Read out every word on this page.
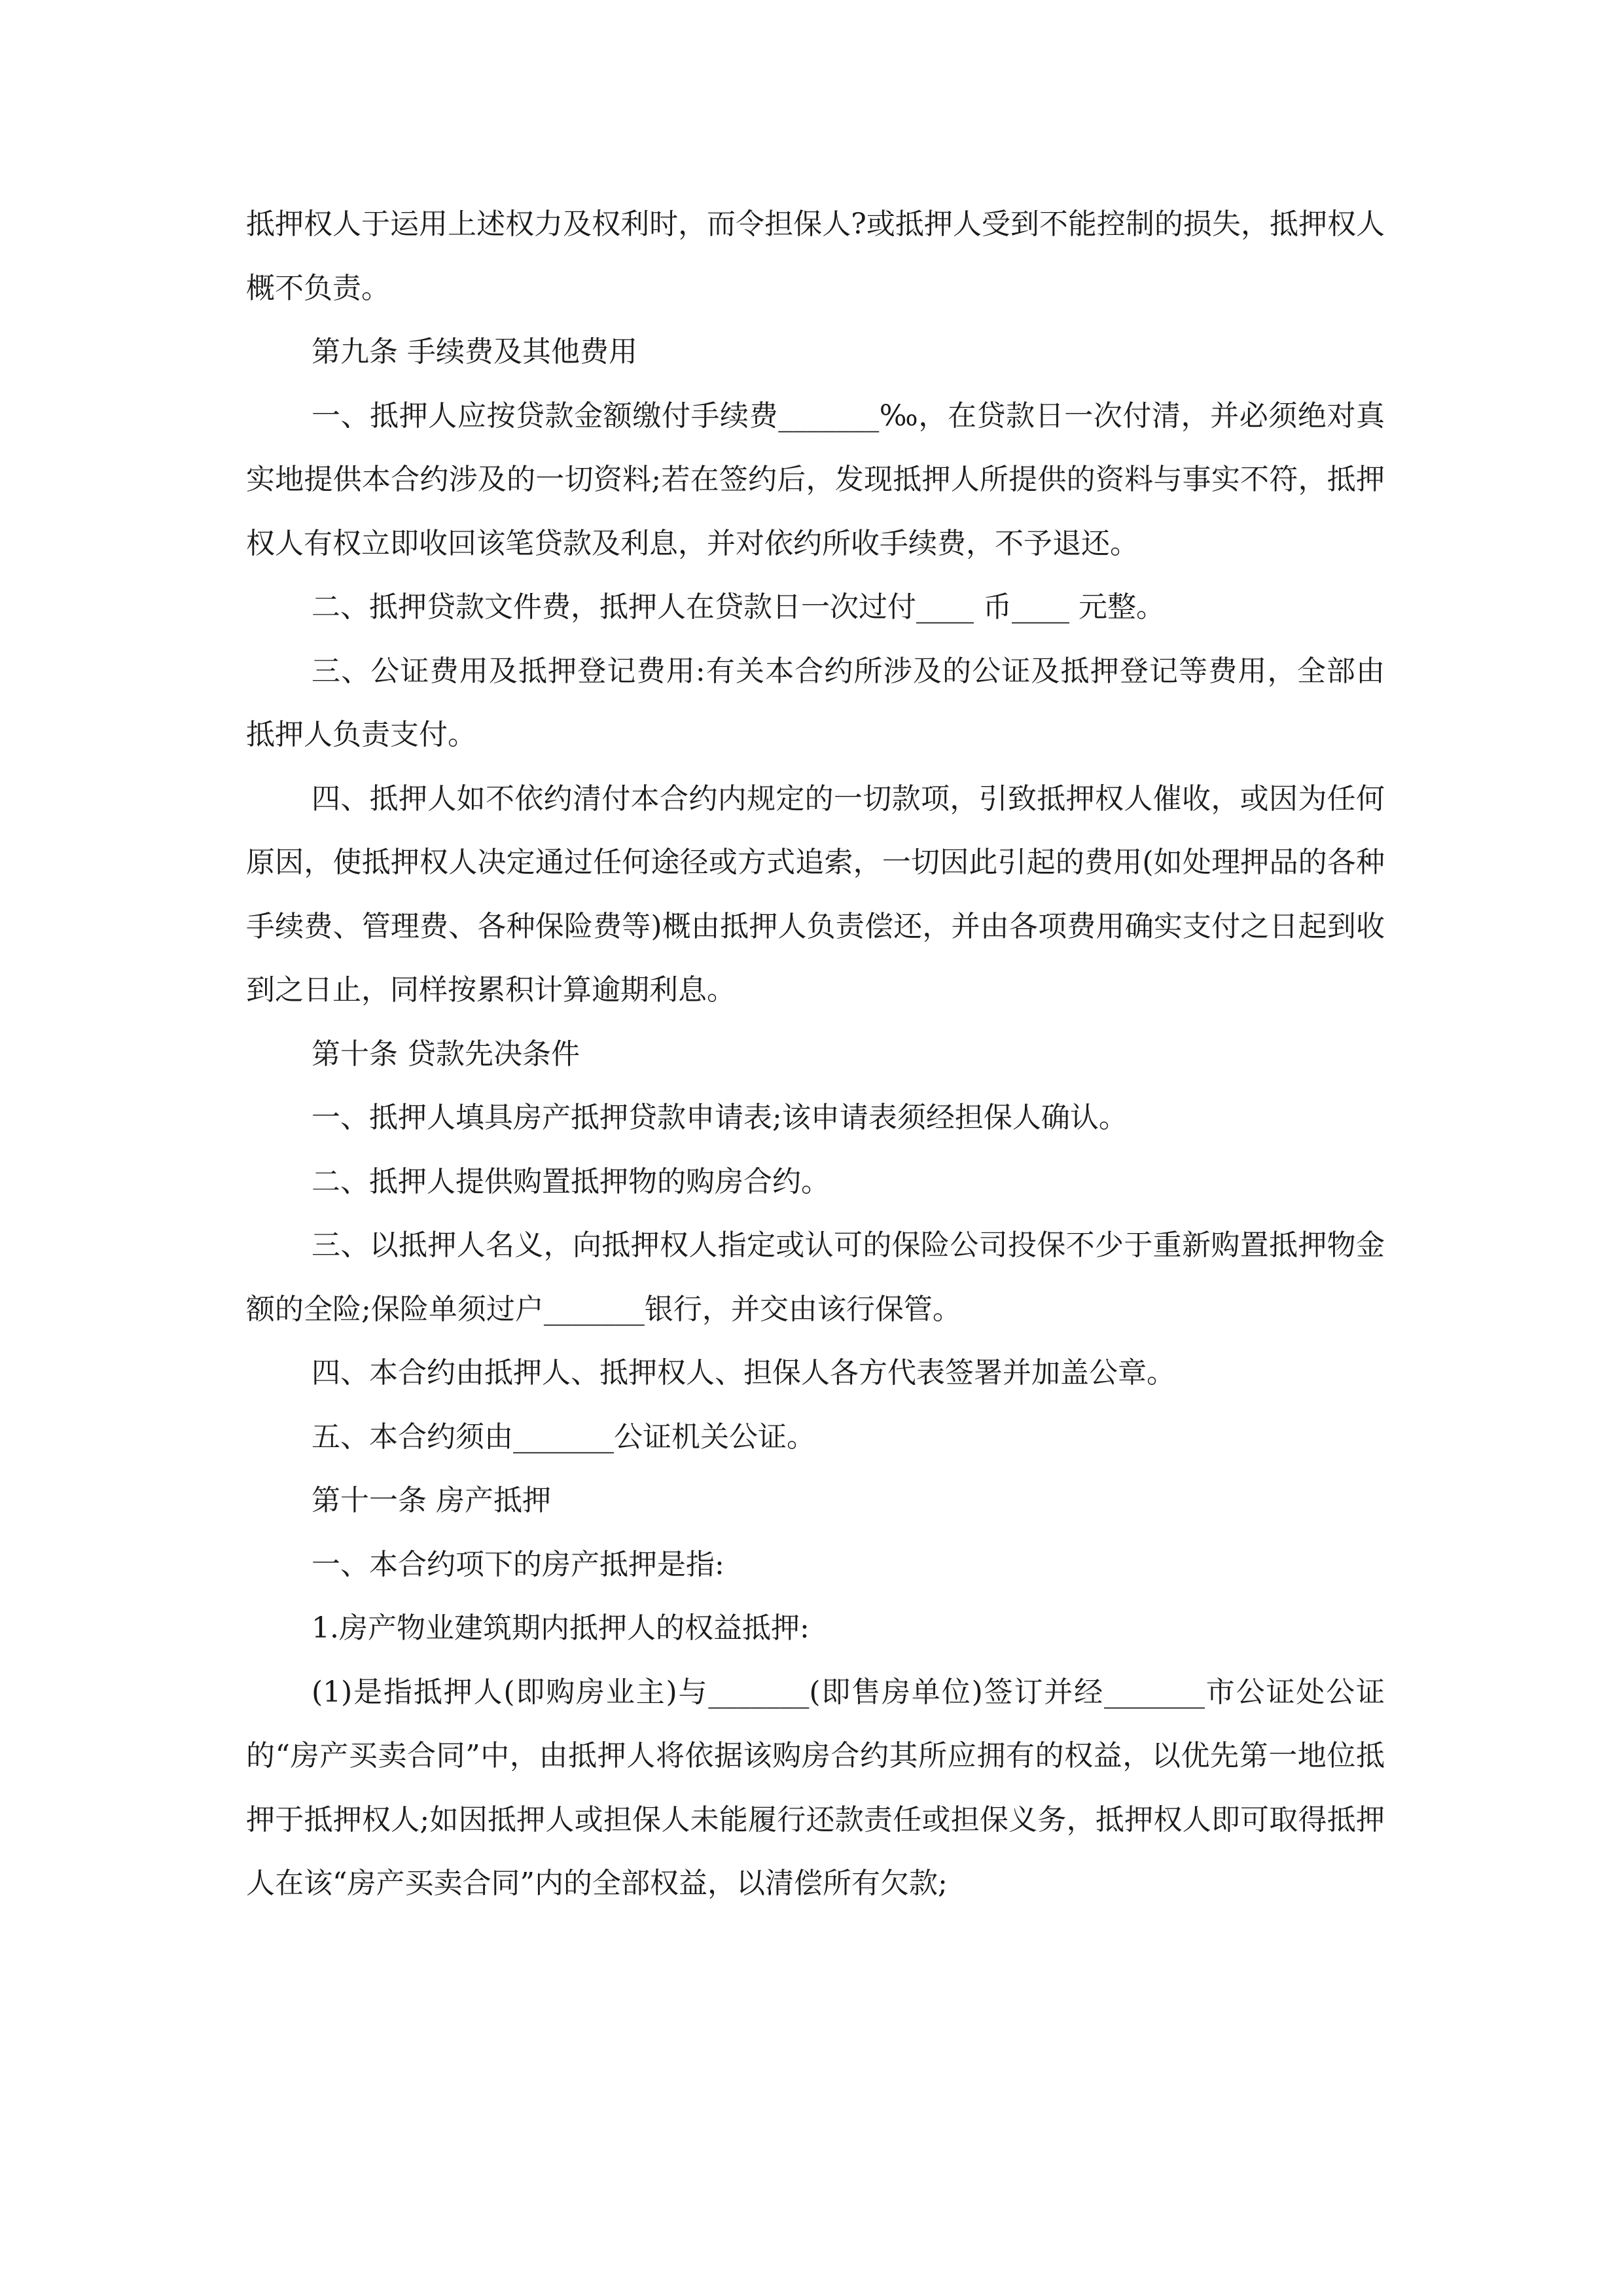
抵押权人于运用上述权力及权利时，而令担保人?或抵押人受到不能控制的损失，抵押权人概不负责。

第九条 手续费及其他费用

一、抵押人应按贷款金额缴付手续费_______‰，在贷款日一次付清，并必须绝对真实地提供本合约涉及的一切资料;若在签约后，发现抵押人所提供的资料与事实不符，抵押权人有权立即收回该笔贷款及利息，并对依约所收手续费，不予退还。

二、抵押贷款文件费，抵押人在贷款日一次过付____ 币____ 元整。

三、公证费用及抵押登记费用:有关本合约所涉及的公证及抵押登记等费用，全部由抵押人负责支付。

四、抵押人如不依约清付本合约内规定的一切款项，引致抵押权人催收，或因为任何原因，使抵押权人决定通过任何途径或方式追索，一切因此引起的费用(如处理押品的各种手续费、管理费、各种保险费等)概由抵押人负责偿还，并由各项费用确实支付之日起到收到之日止，同样按累积计算逾期利息。

第十条 贷款先决条件

一、抵押人填具房产抵押贷款申请表;该申请表须经担保人确认。

二、抵押人提供购置抵押物的购房合约。

三、以抵押人名义，向抵押权人指定或认可的保险公司投保不少于重新购置抵押物金额的全险;保险单须过户_______银行，并交由该行保管。

四、本合约由抵押人、抵押权人、担保人各方代表签署并加盖公章。

五、本合约须由_______公证机关公证。

第十一条 房产抵押

一、本合约项下的房产抵押是指:

1.房产物业建筑期内抵押人的权益抵押:

(1)是指抵押人(即购房业主)与_______(即售房单位)签订并经_______市公证处公证的“房产买卖合同”中，由抵押人将依据该购房合约其所应拥有的权益，以优先第一地位抵押于抵押权人;如因抵押人或担保人未能履行还款责任或担保义务，抵押权人即可取得抵押人在该“房产买卖合同”内的全部权益，以清偿所有欠款;
